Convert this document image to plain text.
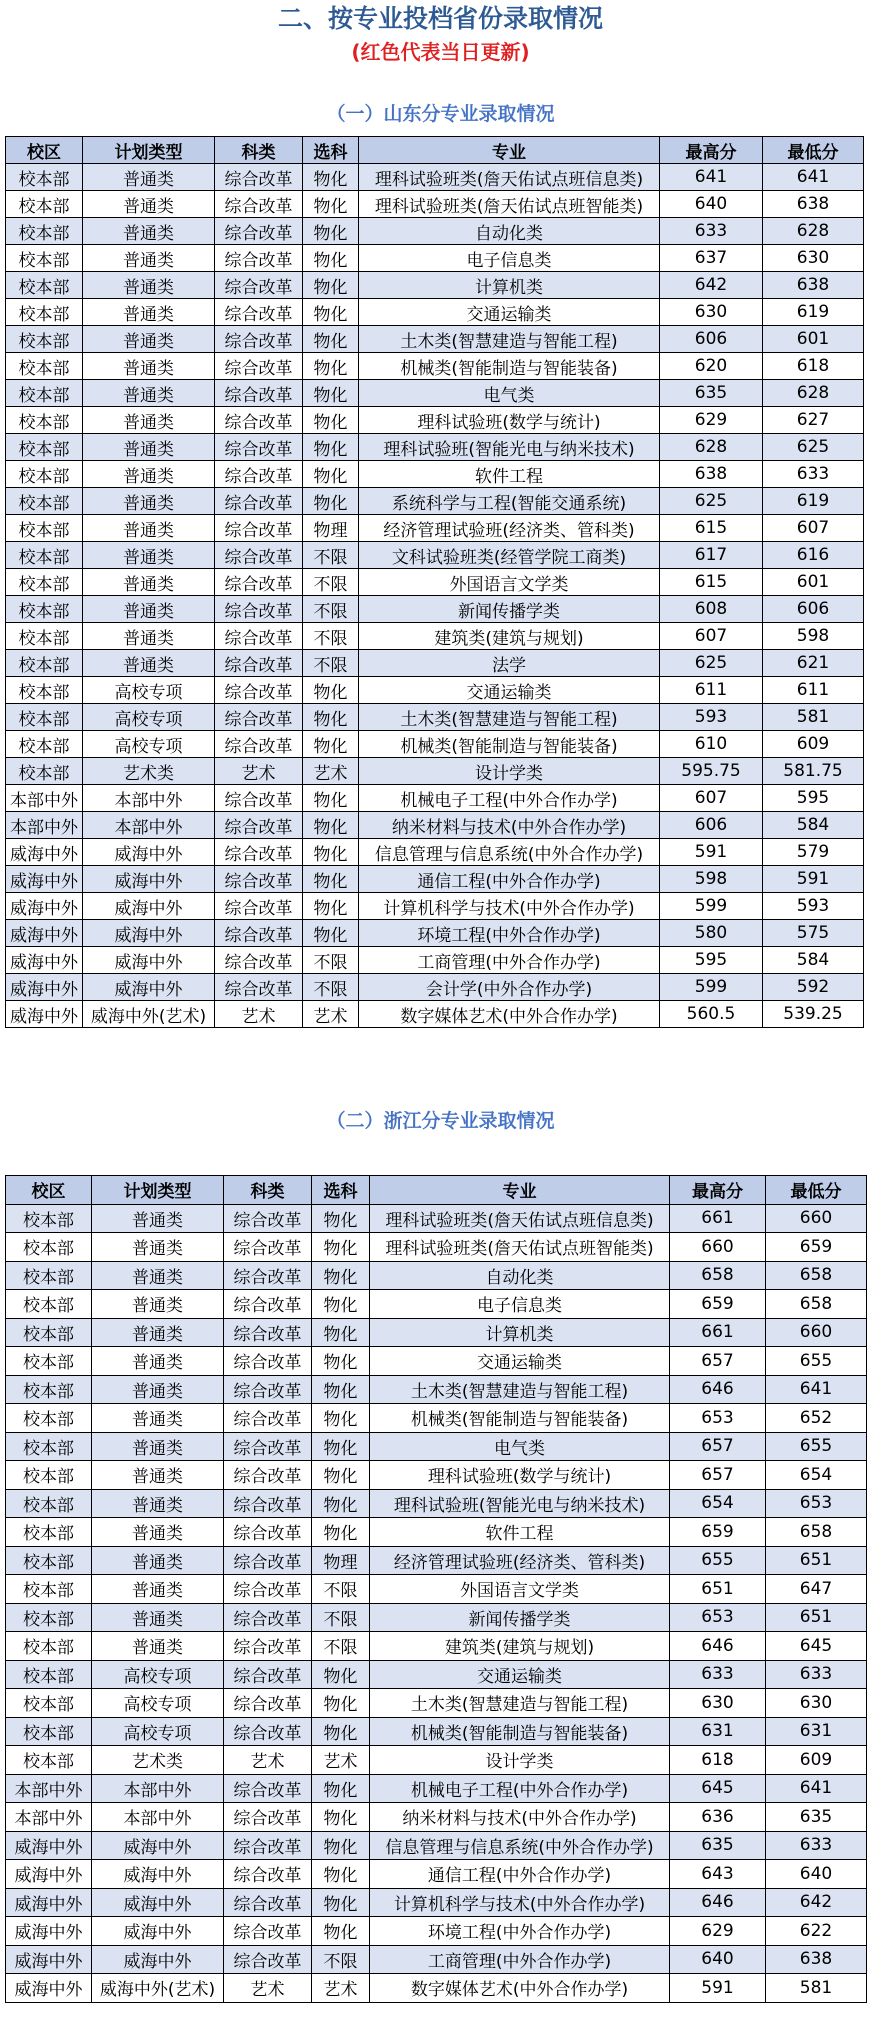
二、按专业投档省份录取情况
(红色代表当日更新)
（一）山东分专业录取情况
校区	计划类型	科类	选科	专业	最高分	最低分
校本部	普通类	综合改革	物化	理科试验班类(詹天佑试点班信息类)	641	641
校本部	普通类	综合改革	物化	理科试验班类(詹天佑试点班智能类)	640	638
校本部	普通类	综合改革	物化	自动化类	633	628
校本部	普通类	综合改革	物化	电子信息类	637	630
校本部	普通类	综合改革	物化	计算机类	642	638
校本部	普通类	综合改革	物化	交通运输类	630	619
校本部	普通类	综合改革	物化	土木类(智慧建造与智能工程)	606	601
校本部	普通类	综合改革	物化	机械类(智能制造与智能装备)	620	618
校本部	普通类	综合改革	物化	电气类	635	628
校本部	普通类	综合改革	物化	理科试验班(数学与统计)	629	627
校本部	普通类	综合改革	物化	理科试验班(智能光电与纳米技术)	628	625
校本部	普通类	综合改革	物化	软件工程	638	633
校本部	普通类	综合改革	物化	系统科学与工程(智能交通系统)	625	619
校本部	普通类	综合改革	物理	经济管理试验班(经济类、管科类)	615	607
校本部	普通类	综合改革	不限	文科试验班类(经管学院工商类)	617	616
校本部	普通类	综合改革	不限	外国语言文学类	615	601
校本部	普通类	综合改革	不限	新闻传播学类	608	606
校本部	普通类	综合改革	不限	建筑类(建筑与规划)	607	598
校本部	普通类	综合改革	不限	法学	625	621
校本部	高校专项	综合改革	物化	交通运输类	611	611
校本部	高校专项	综合改革	物化	土木类(智慧建造与智能工程)	593	581
校本部	高校专项	综合改革	物化	机械类(智能制造与智能装备)	610	609
校本部	艺术类	艺术	艺术	设计学类	595.75	581.75
本部中外	本部中外	综合改革	物化	机械电子工程(中外合作办学)	607	595
本部中外	本部中外	综合改革	物化	纳米材料与技术(中外合作办学)	606	584
威海中外	威海中外	综合改革	物化	信息管理与信息系统(中外合作办学)	591	579
威海中外	威海中外	综合改革	物化	通信工程(中外合作办学)	598	591
威海中外	威海中外	综合改革	物化	计算机科学与技术(中外合作办学)	599	593
威海中外	威海中外	综合改革	物化	环境工程(中外合作办学)	580	575
威海中外	威海中外	综合改革	不限	工商管理(中外合作办学)	595	584
威海中外	威海中外	综合改革	不限	会计学(中外合作办学)	599	592
威海中外	威海中外(艺术)	艺术	艺术	数字媒体艺术(中外合作办学)	560.5	539.25
（二）浙江分专业录取情况
校区	计划类型	科类	选科	专业	最高分	最低分
校本部	普通类	综合改革	物化	理科试验班类(詹天佑试点班信息类)	661	660
校本部	普通类	综合改革	物化	理科试验班类(詹天佑试点班智能类)	660	659
校本部	普通类	综合改革	物化	自动化类	658	658
校本部	普通类	综合改革	物化	电子信息类	659	658
校本部	普通类	综合改革	物化	计算机类	661	660
校本部	普通类	综合改革	物化	交通运输类	657	655
校本部	普通类	综合改革	物化	土木类(智慧建造与智能工程)	646	641
校本部	普通类	综合改革	物化	机械类(智能制造与智能装备)	653	652
校本部	普通类	综合改革	物化	电气类	657	655
校本部	普通类	综合改革	物化	理科试验班(数学与统计)	657	654
校本部	普通类	综合改革	物化	理科试验班(智能光电与纳米技术)	654	653
校本部	普通类	综合改革	物化	软件工程	659	658
校本部	普通类	综合改革	物理	经济管理试验班(经济类、管科类)	655	651
校本部	普通类	综合改革	不限	外国语言文学类	651	647
校本部	普通类	综合改革	不限	新闻传播学类	653	651
校本部	普通类	综合改革	不限	建筑类(建筑与规划)	646	645
校本部	高校专项	综合改革	物化	交通运输类	633	633
校本部	高校专项	综合改革	物化	土木类(智慧建造与智能工程)	630	630
校本部	高校专项	综合改革	物化	机械类(智能制造与智能装备)	631	631
校本部	艺术类	艺术	艺术	设计学类	618	609
本部中外	本部中外	综合改革	物化	机械电子工程(中外合作办学)	645	641
本部中外	本部中外	综合改革	物化	纳米材料与技术(中外合作办学)	636	635
威海中外	威海中外	综合改革	物化	信息管理与信息系统(中外合作办学)	635	633
威海中外	威海中外	综合改革	物化	通信工程(中外合作办学)	643	640
威海中外	威海中外	综合改革	物化	计算机科学与技术(中外合作办学)	646	642
威海中外	威海中外	综合改革	物化	环境工程(中外合作办学)	629	622
威海中外	威海中外	综合改革	不限	工商管理(中外合作办学)	640	638
威海中外	威海中外(艺术)	艺术	艺术	数字媒体艺术(中外合作办学)	591	581
